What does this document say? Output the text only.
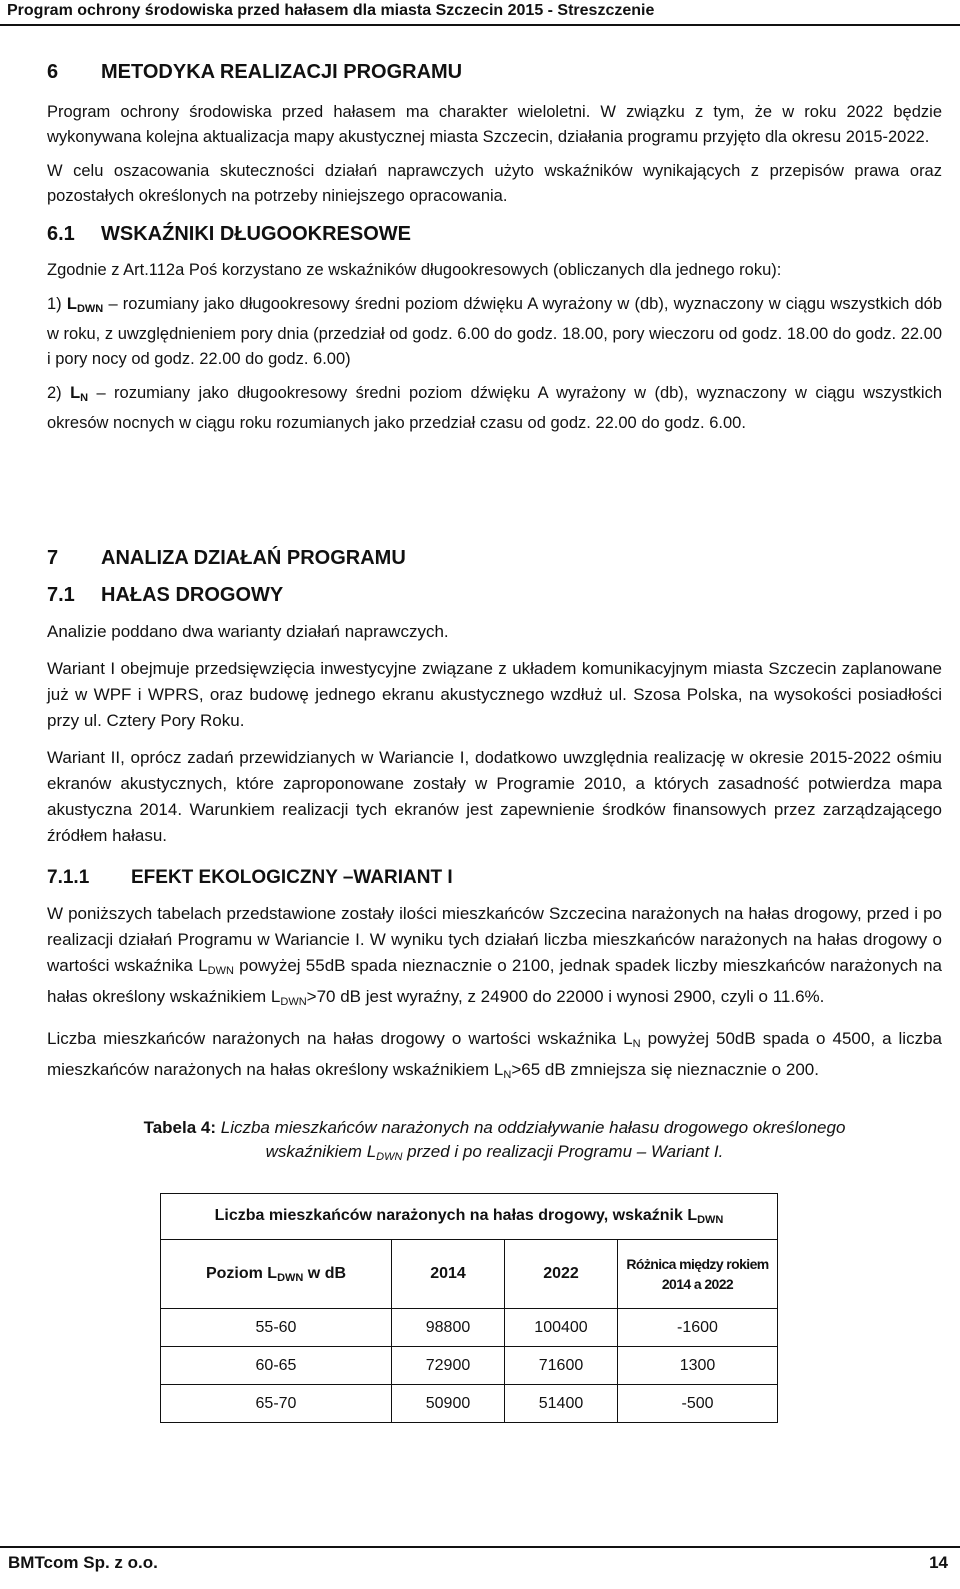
Program ochrony środowiska przed hałasem dla miasta Szczecin 2015 - Streszczenie
6 METODYKA REALIZACJI PROGRAMU

Program ochrony środowiska przed hałasem ma charakter wieloletni. W związku z tym, że w roku 2022 będzie wykonywana kolejna aktualizacja mapy akustycznej miasta Szczecin, działania programu przyjęto dla okresu 2015-2022.

W celu oszacowania skuteczności działań naprawczych użyto wskaźników wynikających z przepisów prawa oraz pozostałych określonych na potrzeby niniejszego opracowania.

6.1 WSKAŹNIKI DŁUGOOKRESOWE

Zgodnie z Art.112a Poś korzystano ze wskaźników długookresowych (obliczanych dla jednego roku):

1) LDWN – rozumiany jako długookresowy średni poziom dźwięku A wyrażony w (db), wyznaczony w ciągu wszystkich dób w roku, z uwzględnieniem pory dnia (przedział od godz. 6.00 do godz. 18.00, pory wieczoru od godz. 18.00 do godz. 22.00 i pory nocy od godz. 22.00 do godz. 6.00)

2) LN – rozumiany jako długookresowy średni poziom dźwięku A wyrażony w (db), wyznaczony w ciągu wszystkich okresów nocnych w ciągu roku rozumianych jako przedział czasu od godz. 22.00 do godz. 6.00.

7 ANALIZA DZIAŁAŃ PROGRAMU
7.1 HAŁAS DROGOWY

Analizie poddano dwa warianty działań naprawczych.

Wariant I obejmuje przedsięwzięcia inwestycyjne związane z układem komunikacyjnym miasta Szczecin zaplanowane już w WPF i WPRS, oraz budowę jednego ekranu akustycznego wzdłuż ul. Szosa Polska, na wysokości posiadłości przy ul. Cztery Pory Roku.

Wariant II, oprócz zadań przewidzianych w Wariancie I, dodatkowo uwzględnia realizację w okresie 2015-2022 ośmiu ekranów akustycznych, które zaproponowane zostały w Programie 2010, a których zasadność potwierdza mapa akustyczna 2014. Warunkiem realizacji tych ekranów jest zapewnienie środków finansowych przez zarządzającego źródłem hałasu.

7.1.1 EFEKT EKOLOGICZNY –WARIANT I

W poniższych tabelach przedstawione zostały ilości mieszkańców Szczecina narażonych na hałas drogowy, przed i po realizacji działań Programu w Wariancie I. W wyniku tych działań liczba mieszkańców narażonych na hałas drogowy o wartości wskaźnika $L_{DWN}$ powyżej 55dB spada nieznacznie o 2100, jednak spadek liczby mieszkańców narażonych na hałas określony wskaźnikiem $L_{DWN}>70$ dB jest wyraźny, z 24900 do 22000 i wynosi 2900, czyli o 11.6%.

Liczba mieszkańców narażonych na hałas drogowy o wartości wskaźnika $L_N$ powyżej 50dB spada o 4500, a liczba mieszkańców narażonych na hałas określony wskaźnikiem $L_N>65$ dB zmniejsza się nieznacznie o 200.

Tabela 4: Liczba mieszkańców narażonych na oddziaływanie hałasu drogowego określonego wskaźnikiem $L_{DWN}$ przed i po realizacji Programu – Wariant I.
Liczba mieszkańców narażonych na hałas drogowy, wskaźnik $L_{DWN}$
Poziom $L_{DWN}$ w dB	2014	2022	Różnica między rokiem 2014 a 2022
55-60	98800	100400	-1600
60-65	72900	71600	1300
65-70	50900	51400	-500
BMTcom Sp. z o.o.	14
